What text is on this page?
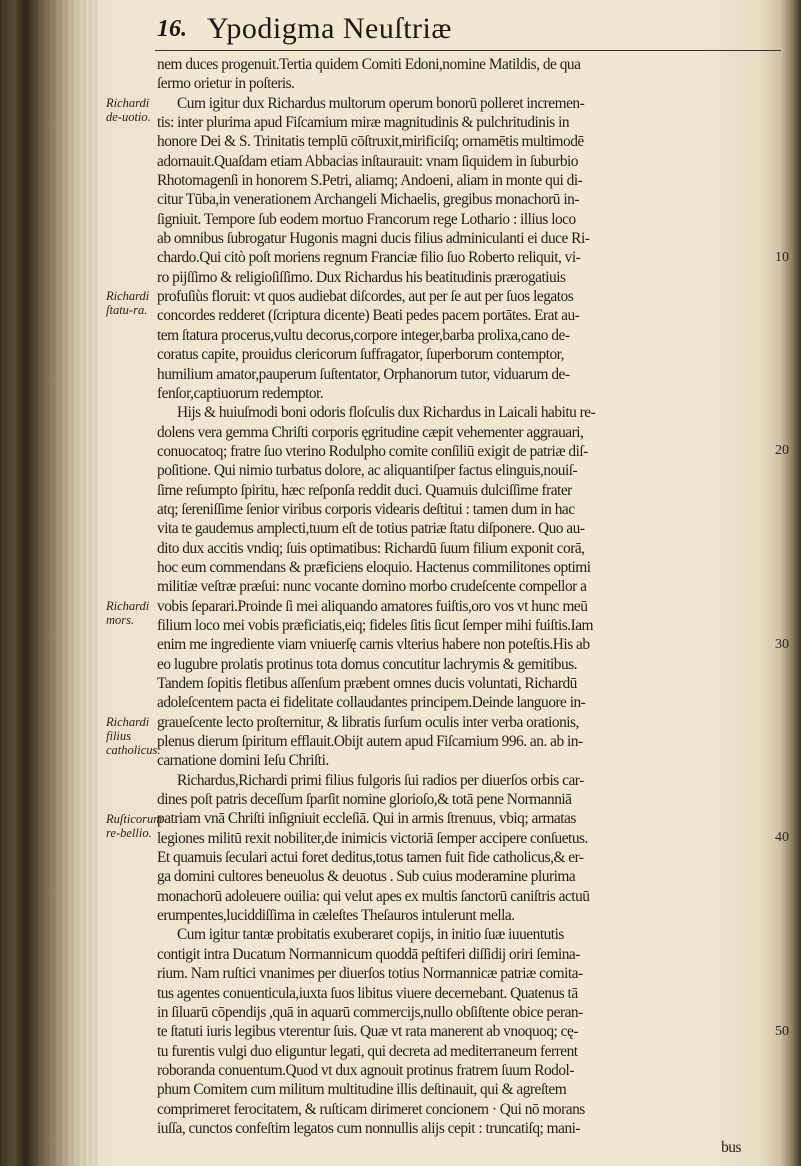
16. Ypodigma Neuſtriæ
nem duces progenuit.Tertia quidem Comiti Edoni,nomine Matildis, de qua
ſermo orietur in poſteris.
Cum igitur dux Richardus multorum operum bonorū polleret incremen-
tis: inter plurima apud Fiſcamium miræ magnitudinis & pulchritudinis in
honore Dei & S. Trinitatis templū cōſtruxit,mirificiſq; ornamētis multimodē
adornauit.Quaſdam etiam Abbacias inſtaurauit: vnam ſiquidem in ſuburbio
Rhotomagenſi in honorem S.Petri, aliamq; Andoeni, aliam in monte qui di-
citur Tūba,in venerationem Archangeli Michaelis, gregibus monachorū in-
ſigniuit. Tempore ſub eodem mortuo Francorum rege Lothario : illius loco
ab omnibus ſubrogatur Hugonis magni ducis filius adminiculanti ei duce Ri-
chardo.Qui citò poſt moriens regnum Franciæ filio ſuo Roberto reliquit, vi-
ro pijſſimo & religioſiſſimo. Dux Richardus his beatitudinis prærogatiuis
profuſiùs floruit: vt quos audiebat diſcordes, aut per ſe aut per ſuos legatos
concordes redderet (ſcriptura dicente) Beati pedes pacem portātes. Erat au-
tem ſtatura procerus,vultu decorus,corpore integer,barba prolixa,cano de-
coratus capite, prouidus clericorum ſuffragator, ſuperborum contemptor,
humilium amator,pauperum ſuſtentator, Orphanorum tutor, viduarum de-
fenſor,captiuorum redemptor.
Hijs & huiuſmodi boni odoris floſculis dux Richardus in Laicali habitu re-
dolens vera gemma Chriſti corporis ęgritudine cæpit vehementer aggrauari,
conuocatoq; fratre ſuo vterino Rodulpho comite conſiliū exigit de patriæ diſ-
poſitione. Qui nimio turbatus dolore, ac aliquantiſper factus elinguis,nouiſ-
ſime reſumpto ſpiritu, hæc reſponſa reddit duci. Quamuis dulciſſime frater
atq; ſereniſſime ſenior viribus corporis videaris deſtitui : tamen dum in hac
vita te gaudemus amplecti,tuum eſt de totius patriæ ſtatu diſponere. Quo au-
dito dux accitis vndiq; ſuis optimatibus: Richardū ſuum filium exponit corā,
hoc eum commendans & præficiens eloquio. Hactenus commilitones optimi
militiæ veſtræ præſui: nunc vocante domino morbo crudeſcente compellor a
vobis ſeparari.Proinde ſi mei aliquando amatores fuiſtis,oro vos vt hunc meū
filium loco mei vobis præficiatis,eiq; fideles ſitis ſicut ſemper mihi fuiſtis.Iam
enim me ingrediente viam vniuerſę carnis vlterius habere non poteſtis.His ab
eo lugubre prolatis protinus tota domus concutitur lachrymis & gemitibus.
Tandem ſopitis fletibus aſſenſum præbent omnes ducis voluntati, Richardū
adoleſcentem pacta ei fidelitate collaudantes principem.Deinde languore in-
graueſcente lecto proſternitur, & libratis ſurſum oculis inter verba orationis,
plenus dierum ſpiritum efflauit.Obijt autem apud Fiſcamium 996. an. ab in-
carnatione domini Ieſu Chriſti.
Richardus,Richardi primi filius fulgoris ſui radios per diuerſos orbis car-
dines poſt patris deceſſum ſparſit nomine glorioſo,& totā pene Normanniā
patriam vnā Chriſti inſigniuit eccleſiā. Qui in armis ſtrenuus, vbiq; armatas
legiones militū rexit nobiliter,de inimicis victoriā ſemper accipere conſuetus.
Et quamuis ſeculari actui foret deditus,totus tamen fuit fide catholicus,& er-
ga domini cultores beneuolus & deuotus . Sub cuius moderamine plurima
monachorū adoleuere ouilia: qui velut apes ex multis ſanctorū caniſtris actuū
erumpentes,luciddiſſima in cæleſtes Theſauros intulerunt mella.
Cum igitur tantæ probitatis exuberaret copijs, in initio ſuæ iuuentutis
contigit intra Ducatum Normannicum quoddā peſtiferi diſſidij oriri ſemina-
rium. Nam ruſtici vnanimes per diuerſos totius Normannicæ patriæ comita-
tus agentes conuenticula,iuxta ſuos libitus viuere decernebant. Quatenus tā
in ſiluarū cōpendijs ,quā in aquarū commercijs,nullo obſiſtente obice peran-
te ſtatuti iuris legibus vterentur ſuis. Quæ vt rata manerent ab vnoquoq; cę-
tu furentis vulgi duo eliguntur legati, qui decreta ad mediterraneum ferrent
roboranda conuentum.Quod vt dux agnouit protinus fratrem ſuum Rodol-
phum Comitem cum militum multitudine illis deſtinauit, qui & agreſtem
comprimeret ferocitatem, & ruſticam dirimeret concionem · Qui nō morans
iuſſa, cunctos confeſtim legatos cum nonnullis alijs cepit : truncatiſq; mani-
bus
Richardi de-uotio.
Richardi ſtatu-ra.
Richardi mors.
Richardi filius catholicus.
Ruſticorum re-bellio.
10
20
30
40
50
